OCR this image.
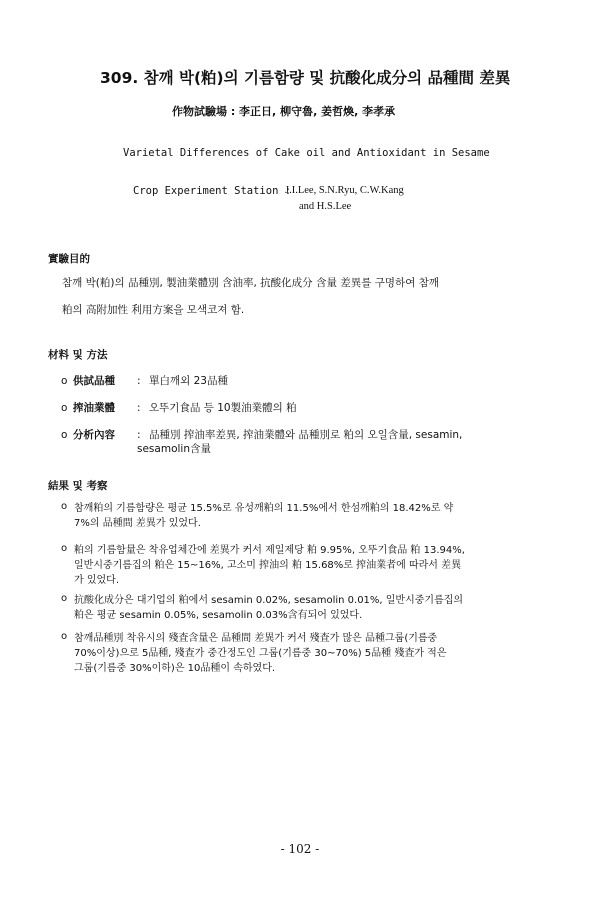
309. 참깨 박(粕)의 기름함량 및 抗酸化成分의 品種間 差異
作物試驗場 : 李正日, 柳守魯, 姜哲煥, 李孝承
Varietal Differences of Cake oil and Antioxidant in Sesame
Crop Experiment Station :
J.I.Lee, S.N.Ryu, C.W.Kang
and H.S.Lee
實驗目的
참깨 박(粕)의 品種別, 製油業體別 含油率, 抗酸化成分 含量 差異를 구명하여 참깨
粕의 高附加性 利用方案을 모색코져 함.
材料 및 方法
o 供試品種 : 單白깨외 23品種
o 搾油業體 : 오뚜기食品 등 10製油業體의 粕
o 分析內容 : 品種別 搾油率差異, 搾油業體와 品種別로 粕의 오일含量, sesamin,
sesamolin含量
結果 및 考察
o 참깨粕의 기름함량은 평균 15.5%로 유성깨粕의 11.5%에서 한섬깨粕의 18.42%로 약
7%의 品種間 差異가 있었다.
o 粕의 기름함量은 착유업체간에 差異가 커서 제일제당 粕 9.95%, 오뚜기食品 粕 13.94%,
일반시중기름집의 粕은 15~16%, 고소미 搾油의 粕 15.68%로 搾油業者에 따라서 差異
가 있었다.
o 抗酸化成分은 대기업의 粕에서 sesamin 0.02%, sesamolin 0.01%, 일반시중기름집의
粕은 평균 sesamin 0.05%, sesamolin 0.03%含有되어 있었다.
o 참깨品種別 착유시의 殘査含量은 品種間 差異가 커서 殘査가 많은 品種그룹(기름중
70%이상)으로 5品種, 殘査가 중간정도인 그룹(기름중 30~70%) 5品種 殘査가 적은
그룹(기름중 30%이하)은 10品種이 속하였다.
- 102 -
